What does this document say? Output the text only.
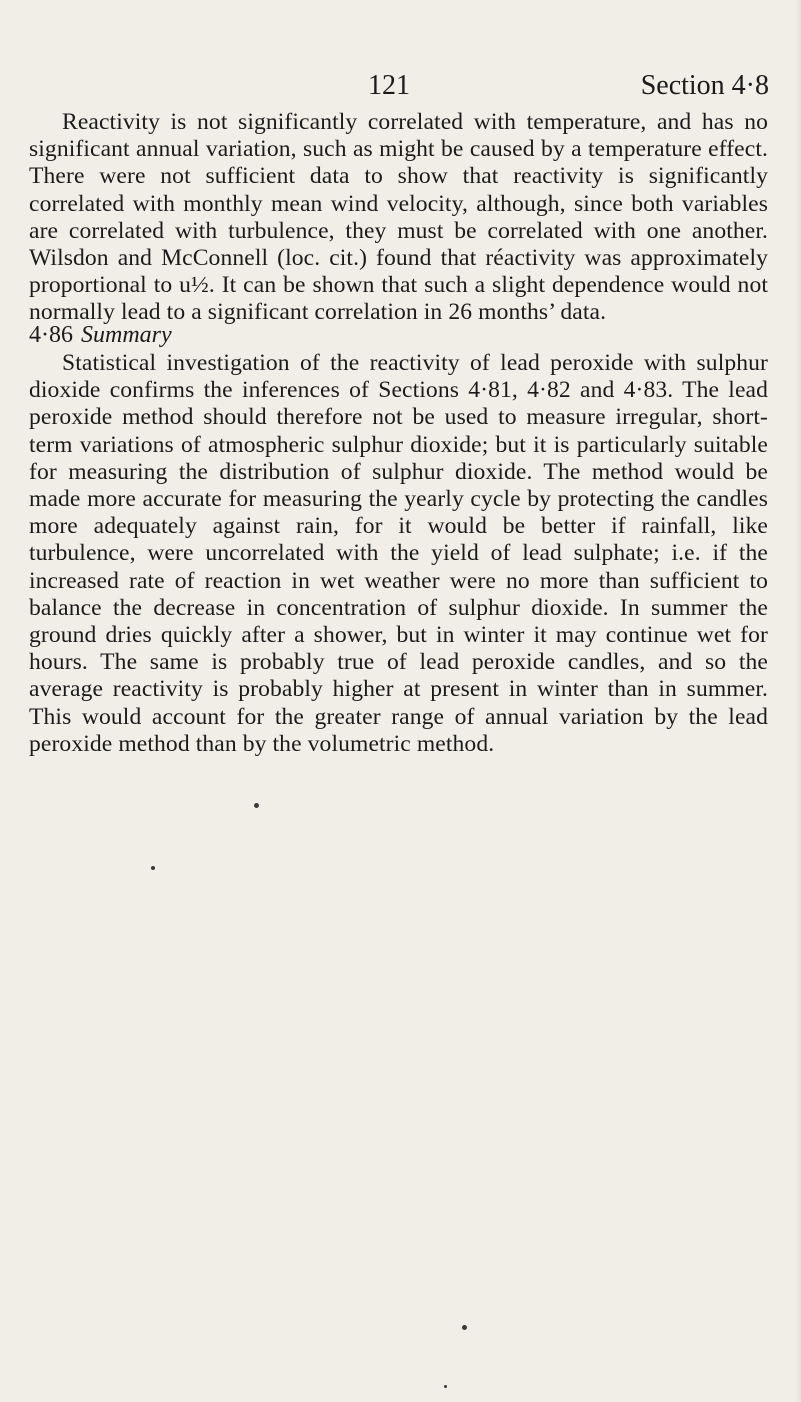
121	Section 4·8

Reactivity is not significantly correlated with temperature, and has no significant annual variation, such as might be caused by a temperature effect. There were not sufficient data to show that reactivity is significantly correlated with monthly mean wind velocity, although, since both variables are correlated with turbulence, they must be correlated with one another. Wilsdon and McConnell (loc. cit.) found that réactivity was approximately proportional to u½. It can be shown that such a slight dependence would not normally lead to a significant correlation in 26 months’ data.

4·86 Summary

Statistical investigation of the reactivity of lead peroxide with sulphur dioxide confirms the inferences of Sections 4·81, 4·82 and 4·83. The lead peroxide method should therefore not be used to measure irregular, short-term variations of atmospheric sulphur dioxide; but it is particularly suitable for measuring the distribution of sulphur dioxide. The method would be made more accurate for measuring the yearly cycle by protecting the candles more adequately against rain, for it would be better if rainfall, like turbulence, were uncorrelated with the yield of lead sulphate; i.e. if the increased rate of reaction in wet weather were no more than sufficient to balance the decrease in concentration of sulphur dioxide. In summer the ground dries quickly after a shower, but in winter it may continue wet for hours. The same is probably true of lead peroxide candles, and so the average reactivity is probably higher at present in winter than in summer. This would account for the greater range of annual variation by the lead peroxide method than by the volumetric method.
